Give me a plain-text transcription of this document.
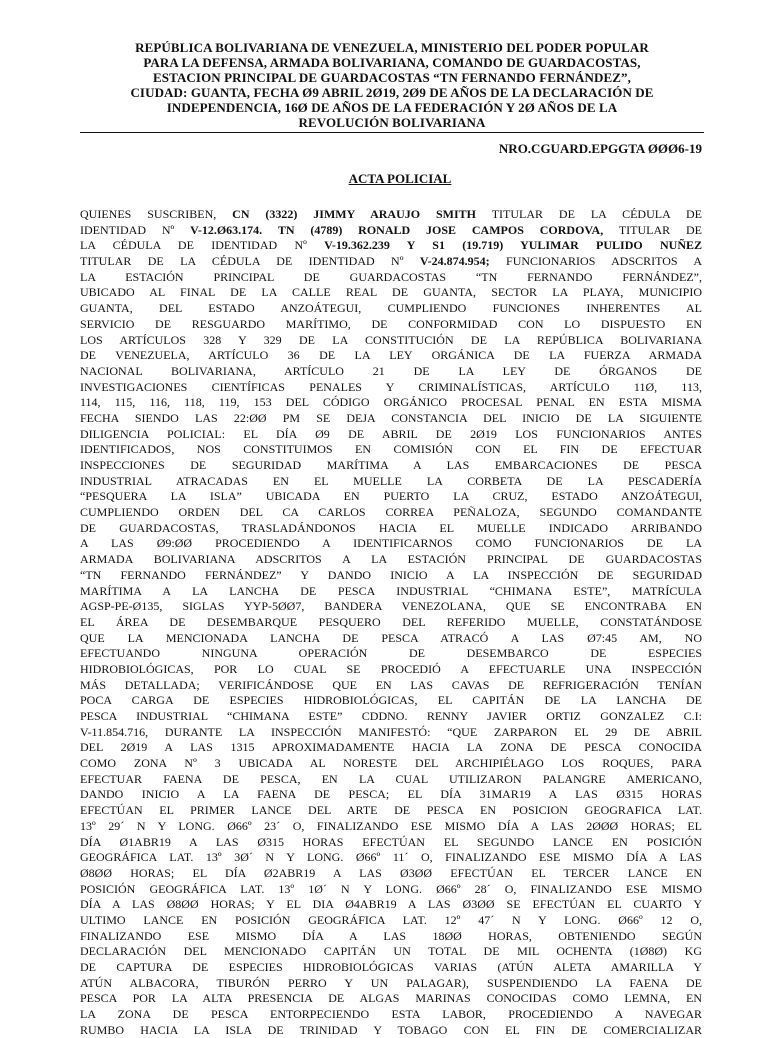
REPÚBLICA BOLIVARIANA DE VENEZUELA, MINISTERIO DEL PODER POPULAR
PARA LA DEFENSA, ARMADA BOLIVARIANA, COMANDO DE GUARDACOSTAS,
ESTACION PRINCIPAL DE GUARDACOSTAS “TN FERNANDO FERNÁNDEZ”,
CIUDAD: GUANTA, FECHA Ø9 ABRIL 2Ø19, 2Ø9 DE AÑOS DE LA DECLARACIÓN DE
INDEPENDENCIA, 16Ø DE AÑOS DE LA FEDERACIÓN Y 2Ø AÑOS DE LA
REVOLUCIÓN BOLIVARIANA
NRO.CGUARD.EPGGTA ØØØ6-19
ACTA POLICIAL
QUIENES SUSCRIBEN, CN (3322) JIMMY ARAUJO SMITH TITULAR DE LA CÉDULA DE
IDENTIDAD Nº V-12.Ø63.174. TN (4789) RONALD JOSE CAMPOS CORDOVA, TITULAR DE
LA CÉDULA DE IDENTIDAD Nº V-19.362.239 Y S1 (19.719) YULIMAR PULIDO NUÑEZ
TITULAR DE LA CÉDULA DE IDENTIDAD Nº V-24.874.954; FUNCIONARIOS ADSCRITOS A
LA ESTACIÓN PRINCIPAL DE GUARDACOSTAS “TN FERNANDO FERNÁNDEZ”,
UBICADO AL FINAL DE LA CALLE REAL DE GUANTA, SECTOR LA PLAYA, MUNICIPIO
GUANTA, DEL ESTADO ANZOÁTEGUI, CUMPLIENDO FUNCIONES INHERENTES AL
SERVICIO DE RESGUARDO MARÍTIMO, DE CONFORMIDAD CON LO DISPUESTO EN
LOS ARTÍCULOS 328 Y 329 DE LA CONSTITUCIÓN DE LA REPÚBLICA BOLIVARIANA
DE VENEZUELA, ARTÍCULO 36 DE LA LEY ORGÁNICA DE LA FUERZA ARMADA
NACIONAL BOLIVARIANA, ARTÍCULO 21 DE LA LEY DE ÓRGANOS DE
INVESTIGACIONES CIENTÍFICAS PENALES Y CRIMINALÍSTICAS, ARTÍCULO 11Ø, 113,
114, 115, 116, 118, 119, 153 DEL CÓDIGO ORGÁNICO PROCESAL PENAL EN ESTA MISMA
FECHA SIENDO LAS 22:ØØ PM SE DEJA CONSTANCIA DEL INICIO DE LA SIGUIENTE
DILIGENCIA POLICIAL: EL DÍA Ø9 DE ABRIL DE 2Ø19 LOS FUNCIONARIOS ANTES
IDENTIFICADOS, NOS CONSTITUIMOS EN COMISIÓN CON EL FIN DE EFECTUAR
INSPECCIONES DE SEGURIDAD MARÍTIMA A LAS EMBARCACIONES DE PESCA
INDUSTRIAL ATRACADAS EN EL MUELLE LA CORBETA DE LA PESCADERÍA
“PESQUERA LA ISLA” UBICADA EN PUERTO LA CRUZ, ESTADO ANZOÁTEGUI,
CUMPLIENDO ORDEN DEL CA CARLOS CORREA PEÑALOZA, SEGUNDO COMANDANTE
DE GUARDACOSTAS, TRASLADÁNDONOS HACIA EL MUELLE INDICADO ARRIBANDO
A LAS Ø9:ØØ PROCEDIENDO A IDENTIFICARNOS COMO FUNCIONARIOS DE LA
ARMADA BOLIVARIANA ADSCRITOS A LA ESTACIÓN PRINCIPAL DE GUARDACOSTAS
“TN FERNANDO FERNÁNDEZ” Y DANDO INICIO A LA INSPECCIÓN DE SEGURIDAD
MARÍTIMA A LA LANCHA DE PESCA INDUSTRIAL “CHIMANA ESTE”, MATRÍCULA
AGSP-PE-Ø135, SIGLAS YYP-5ØØ7, BANDERA VENEZOLANA, QUE SE ENCONTRABA EN
EL ÁREA DE DESEMBARQUE PESQUERO DEL REFERIDO MUELLE, CONSTATÁNDOSE
QUE LA MENCIONADA LANCHA DE PESCA ATRACÓ A LAS Ø7:45 AM, NO
EFECTUANDO NINGUNA OPERACIÓN DE DESEMBARCO DE ESPECIES
HIDROBIOLÓGICAS, POR LO CUAL SE PROCEDIÓ A EFECTUARLE UNA INSPECCIÓN
MÁS DETALLADA; VERIFICÁNDOSE QUE EN LAS CAVAS DE REFRIGERACIÓN TENÍAN
POCA CARGA DE ESPECIES HIDROBIOLÓGICAS, EL CAPITÁN DE LA LANCHA DE
PESCA INDUSTRIAL “CHIMANA ESTE” CDDNO. RENNY JAVIER ORTIZ GONZALEZ C.I:
V-11.854.716, DURANTE LA INSPECCIÓN MANIFESTÓ: “QUE ZARPARON EL 29 DE ABRIL
DEL 2Ø19 A LAS 1315 APROXIMADAMENTE HACIA LA ZONA DE PESCA CONOCIDA
COMO ZONA Nº 3 UBICADA AL NORESTE DEL ARCHIPIÉLAGO LOS ROQUES, PARA
EFECTUAR FAENA DE PESCA, EN LA CUAL UTILIZARON PALANGRE AMERICANO,
DANDO INICIO A LA FAENA DE PESCA; EL DÍA 31MAR19 A LAS Ø315 HORAS
EFECTÚAN EL PRIMER LANCE DEL ARTE DE PESCA EN POSICION GEOGRAFICA LAT.
13º 29´ N Y LONG. Ø66º 23´ O, FINALIZANDO ESE MISMO DÍA A LAS 2ØØØ HORAS; EL
DÍA Ø1ABR19 A LAS Ø315 HORAS EFECTÚAN EL SEGUNDO LANCE EN POSICIÓN
GEOGRÁFICA LAT. 13º 3Ø´ N Y LONG. Ø66º 11´ O, FINALIZANDO ESE MISMO DÍA A LAS
Ø8ØØ HORAS; EL DÍA Ø2ABR19 A LAS Ø3ØØ EFECTÚAN EL TERCER LANCE EN
POSICIÓN GEOGRÁFICA LAT. 13º 1Ø´ N Y LONG. Ø66º 28´ O, FINALIZANDO ESE MISMO
DÍA A LAS Ø8ØØ HORAS; Y EL DIA Ø4ABR19 A LAS Ø3ØØ SE EFECTÚAN EL CUARTO Y
ULTIMO LANCE EN POSICIÓN GEOGRÁFICA LAT. 12º 47´ N Y LONG. Ø66º 12 O,
FINALIZANDO ESE MISMO DÍA A LAS 18ØØ HORAS, OBTENIENDO SEGÚN
DECLARACIÓN DEL MENCIONADO CAPITÁN UN TOTAL DE MIL OCHENTA (1Ø8Ø) KG
DE CAPTURA DE ESPECIES HIDROBIOLÓGICAS VARIAS (ATÚN ALETA AMARILLA Y
ATÚN ALBACORA, TIBURÓN PERRO Y UN PALAGAR), SUSPENDIENDO LA FAENA DE
PESCA POR LA ALTA PRESENCIA DE ALGAS MARINAS CONOCIDAS COMO LEMNA, EN
LA ZONA DE PESCA ENTORPECIENDO ESTA LABOR, PROCEDIENDO A NAVEGAR
RUMBO HACIA LA ISLA DE TRINIDAD Y TOBAGO CON EL FIN DE COMERCIALIZAR
